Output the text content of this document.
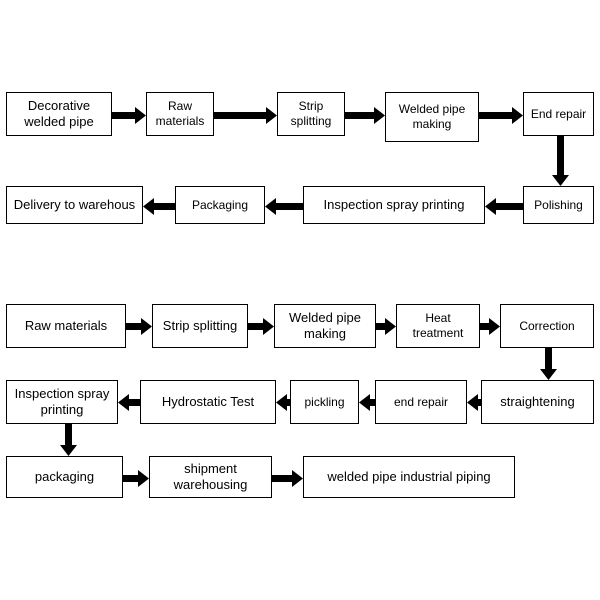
Decorative welded pipe
Raw materials
Strip splitting
Welded pipe making
End repair
Polishing
Inspection spray printing
Packaging
Delivery to warehous
Raw materials	Strip splitting
Welded pipe making
Heat treatment
Correction
straightening
end repair
pickling
Hydrostatic Test
Inspection spray printing
packaging
shipment warehousing
welded pipe industrial piping
